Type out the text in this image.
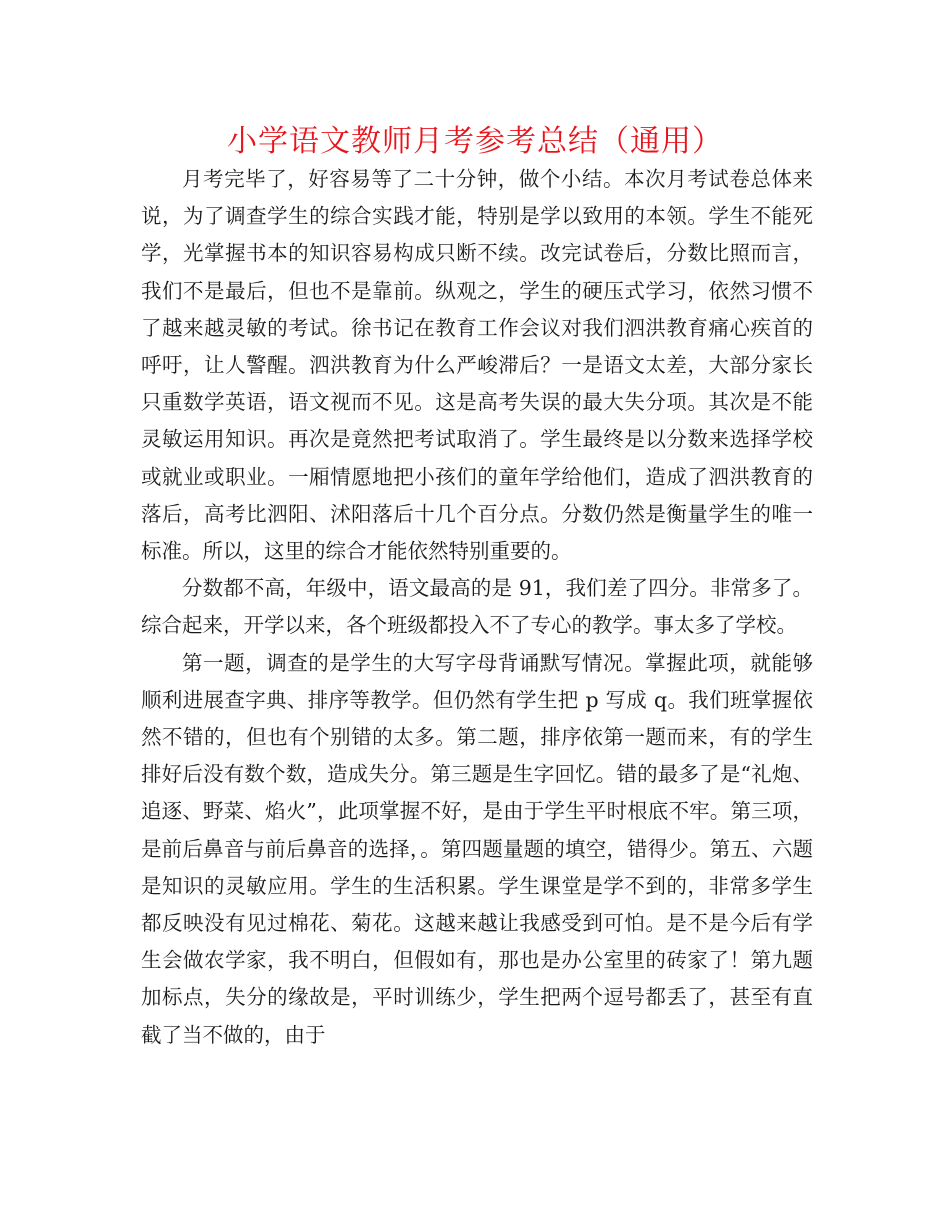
小学语文教师月考参考总结（通用）

月考完毕了，好容易等了二十分钟，做个小结。本次月考试卷总体来说，为了调查学生的综合实践才能，特别是学以致用的本领。学生不能死学，光掌握书本的知识容易构成只断不续。改完试卷后，分数比照而言，我们不是最后，但也不是靠前。纵观之，学生的硬压式学习，依然习惯不了越来越灵敏的考试。徐书记在教育工作会议对我们泗洪教育痛心疾首的呼吁，让人警醒。泗洪教育为什么严峻滞后？一是语文太差，大部分家长只重数学英语，语文视而不见。这是高考失误的最大失分项。其次是不能灵敏运用知识。再次是竟然把考试取消了。学生最终是以分数来选择学校或就业或职业。一厢情愿地把小孩们的童年学给他们，造成了泗洪教育的落后，高考比泗阳、沭阳落后十几个百分点。分数仍然是衡量学生的唯一标准。所以，这里的综合才能依然特别重要的。

分数都不高，年级中，语文最高的是 91，我们差了四分。非常多了。综合起来，开学以来，各个班级都投入不了专心的教学。事太多了学校。

第一题，调查的是学生的大写字母背诵默写情况。掌握此项，就能够顺利进展查字典、排序等教学。但仍然有学生把 p 写成 q。我们班掌握依然不错的，但也有个别错的太多。第二题，排序依第一题而来，有的学生排好后没有数个数，造成失分。第三题是生字回忆。错的最多了是“礼炮、追逐、野菜、焰火”，此项掌握不好，是由于学生平时根底不牢。第三项，是前后鼻音与前后鼻音的选择，。第四题量题的填空，错得少。第五、六题是知识的灵敏应用。学生的生活积累。学生课堂是学不到的，非常多学生都反映没有见过棉花、菊花。这越来越让我感受到可怕。是不是今后有学生会做农学家，我不明白，但假如有，那也是办公室里的砖家了！第九题加标点，失分的缘故是，平时训练少，学生把两个逗号都丢了，甚至有直截了当不做的，由于
